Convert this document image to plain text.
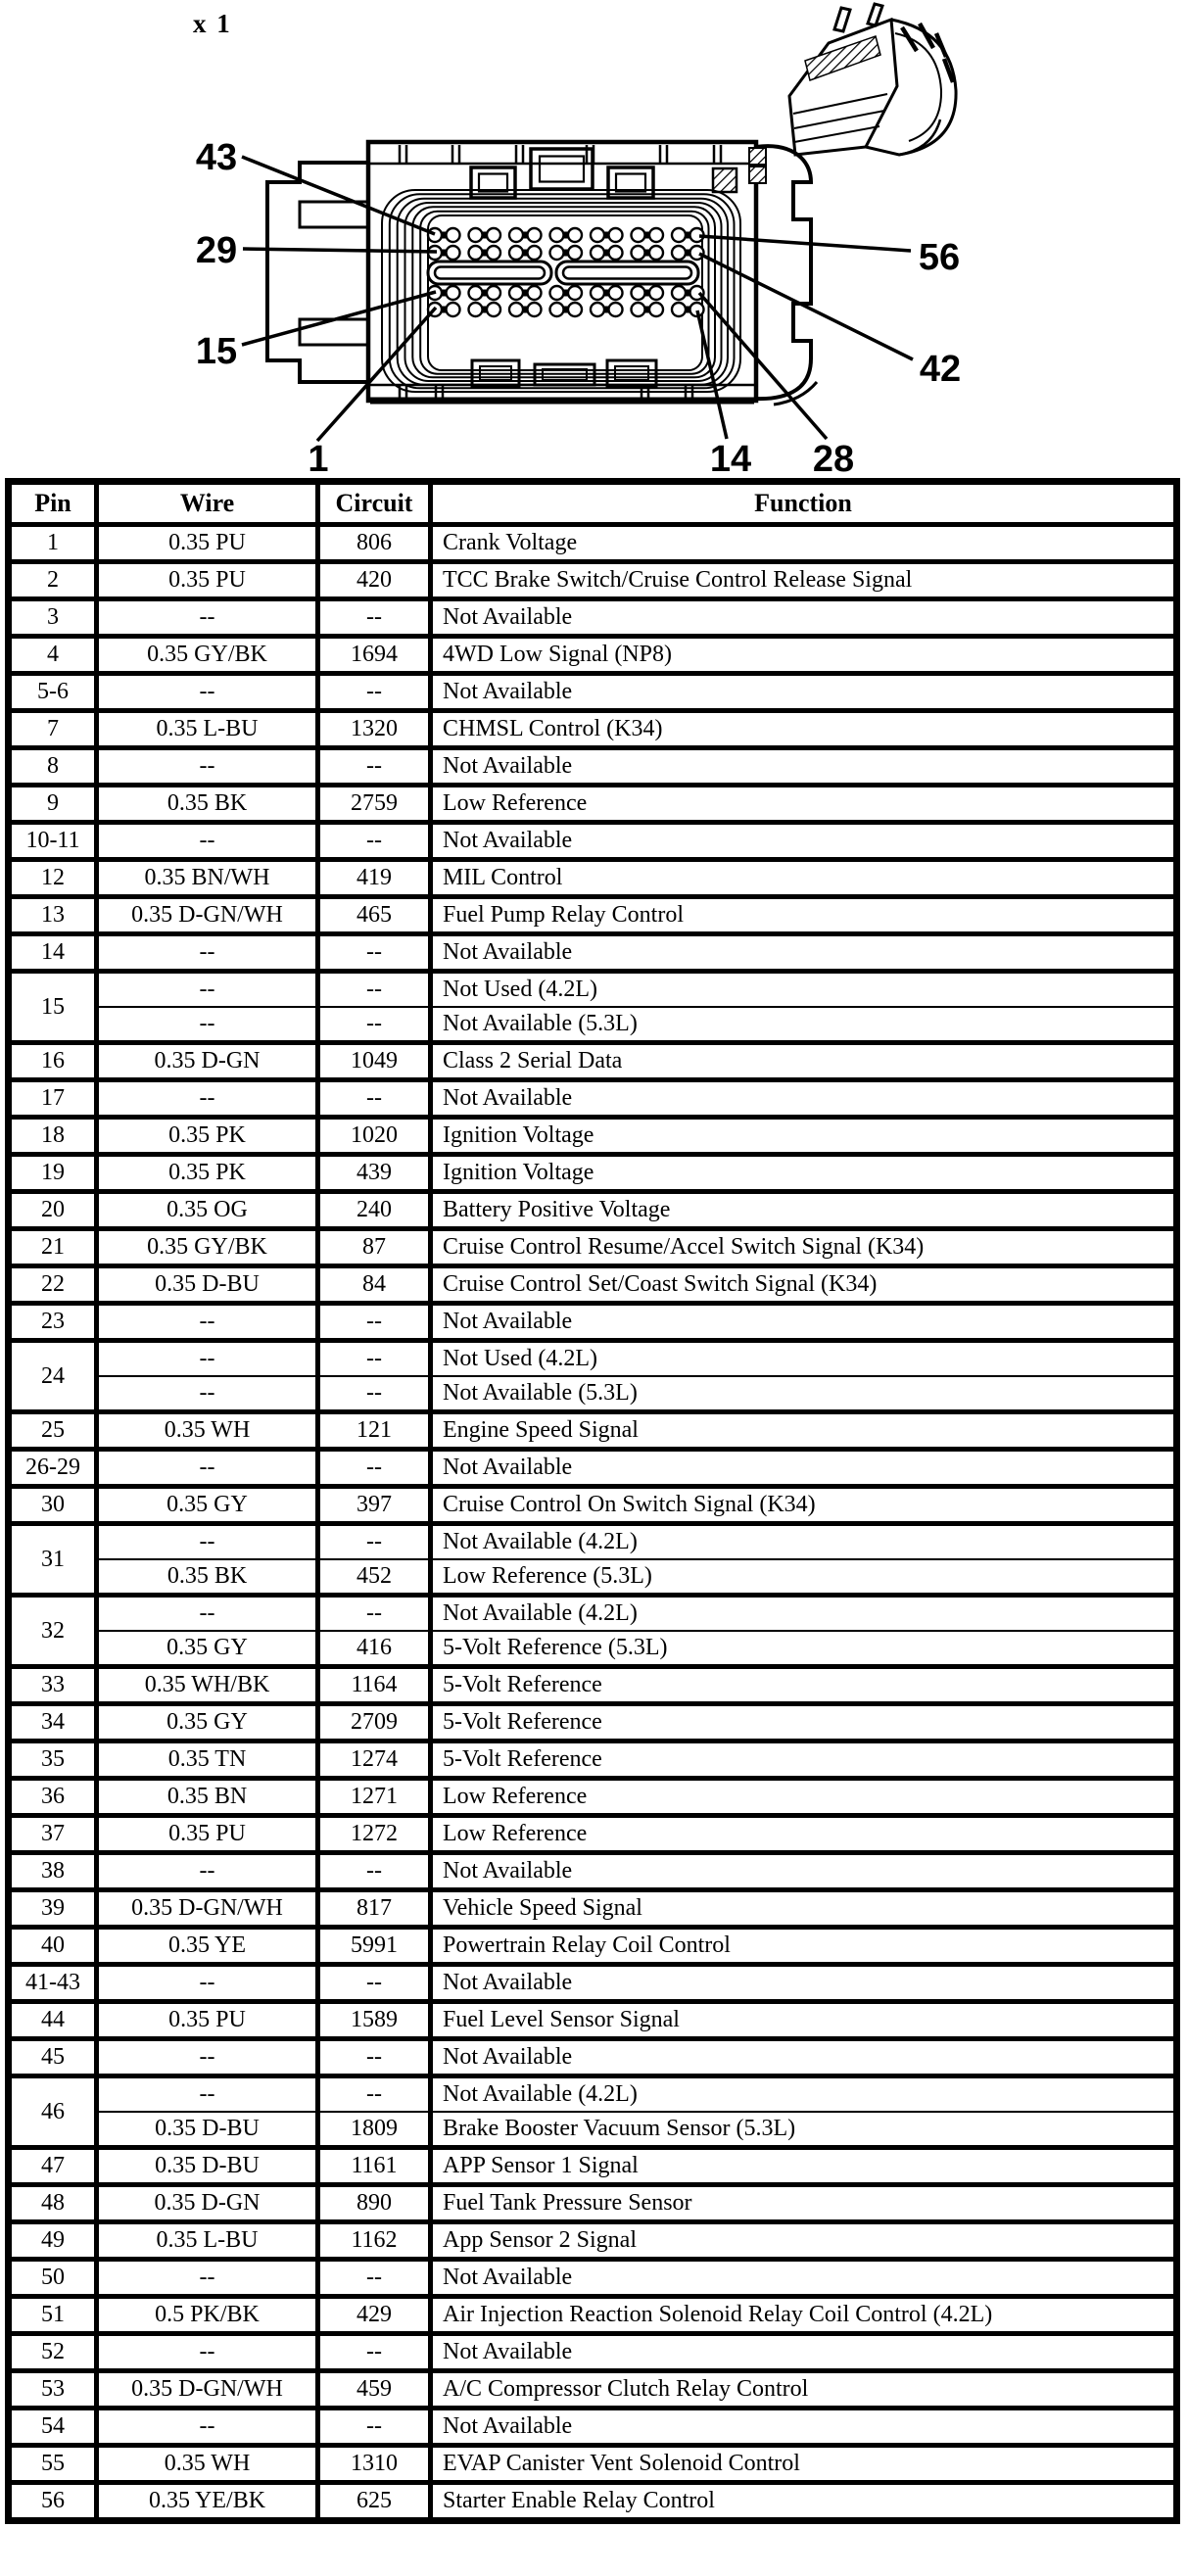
x 1
43
29
15
1
56
42
14 28
Pin	Wire	Circuit	Function
1	0.35 PU	806	Crank Voltage
2	0.35 PU	420	TCC Brake Switch/Cruise Control Release Signal
3	--	--	Not Available
4	0.35 GY/BK	1694	4WD Low Signal (NP8)
5-6	--	--	Not Available
7	0.35 L-BU	1320	CHMSL Control (K34)
8	--	--	Not Available
9	0.35 BK	2759	Low Reference
10-11	--	--	Not Available
12	0.35 BN/WH	419	MIL Control
13	0.35 D-GN/WH	465	Fuel Pump Relay Control
14	--	--	Not Available
15	--	--	Not Used (4.2L)
	--	--	Not Available (5.3L)
16	0.35 D-GN	1049	Class 2 Serial Data
17	--	--	Not Available
18	0.35 PK	1020	Ignition Voltage
19	0.35 PK	439	Ignition Voltage
20	0.35 OG	240	Battery Positive Voltage
21	0.35 GY/BK	87	Cruise Control Resume/Accel Switch Signal (K34)
22	0.35 D-BU	84	Cruise Control Set/Coast Switch Signal (K34)
23	--	--	Not Available
24	--	--	Not Used (4.2L)
	--	--	Not Available (5.3L)
25	0.35 WH	121	Engine Speed Signal
26-29	--	--	Not Available
30	0.35 GY	397	Cruise Control On Switch Signal (K34)
31	--	--	Not Available (4.2L)
	0.35 BK	452	Low Reference (5.3L)
32	--	--	Not Available (4.2L)
	0.35 GY	416	5-Volt Reference (5.3L)
33	0.35 WH/BK	1164	5-Volt Reference
34	0.35 GY	2709	5-Volt Reference
35	0.35 TN	1274	5-Volt Reference
36	0.35 BN	1271	Low Reference
37	0.35 PU	1272	Low Reference
38	--	--	Not Available
39	0.35 D-GN/WH	817	Vehicle Speed Signal
40	0.35 YE	5991	Powertrain Relay Coil Control
41-43	--	--	Not Available
44	0.35 PU	1589	Fuel Level Sensor Signal
45	--	--	Not Available
46	--	--	Not Available (4.2L)
	0.35 D-BU	1809	Brake Booster Vacuum Sensor (5.3L)
47	0.35 D-BU	1161	APP Sensor 1 Signal
48	0.35 D-GN	890	Fuel Tank Pressure Sensor
49	0.35 L-BU	1162	App Sensor 2 Signal
50	--	--	Not Available
51	0.5 PK/BK	429	Air Injection Reaction Solenoid Relay Coil Control (4.2L)
52	--	--	Not Available
53	0.35 D-GN/WH	459	A/C Compressor Clutch Relay Control
54	--	--	Not Available
55	0.35 WH	1310	EVAP Canister Vent Solenoid Control
56	0.35 YE/BK	625	Starter Enable Relay Control
